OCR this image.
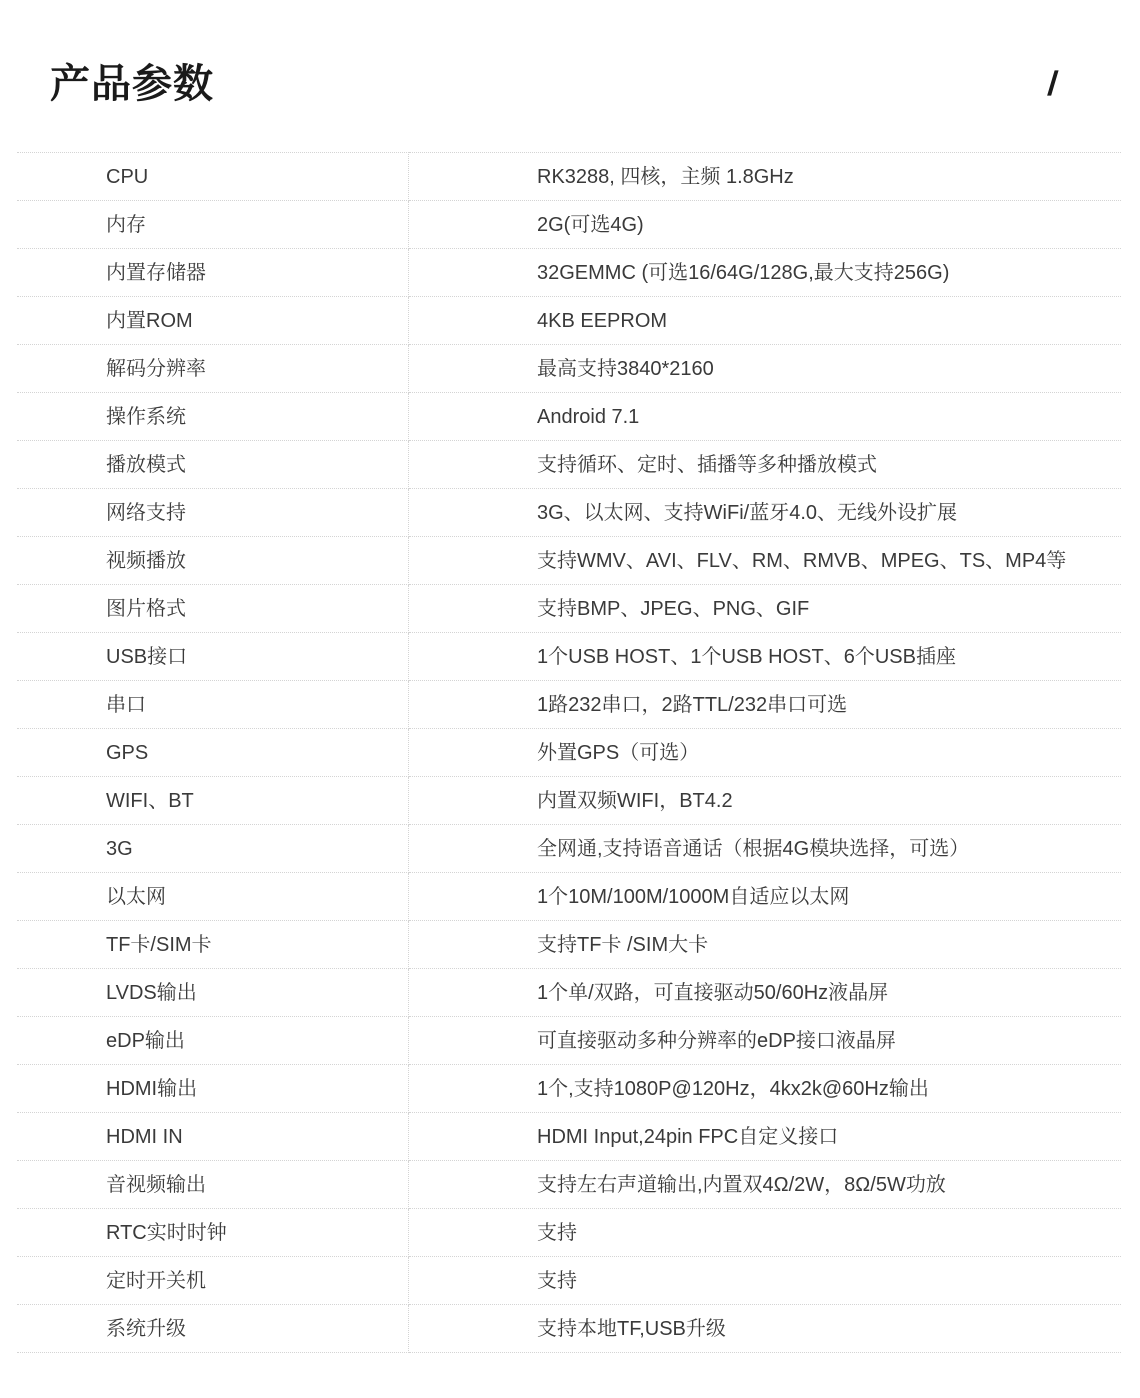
产品参数	/
CPU	RK3288, 四核，主频 1.8GHz
内存	2G(可选4G)
内置存储器	32GEMMC (可选16/64G/128G,最大支持256G)
内置ROM	4KB EEPROM
解码分辨率	最高支持3840*2160
操作系统	Android 7.1
播放模式	支持循环、定时、插播等多种播放模式
网络支持	3G、以太网、支持WiFi/蓝牙4.0、无线外设扩展
视频播放	支持WMV、AVI、FLV、RM、RMVB、MPEG、TS、MP4等
图片格式	支持BMP、JPEG、PNG、GIF
USB接口	1个USB HOST、1个USB HOST、6个USB插座
串口	1路232串口，2路TTL/232串口可选
GPS	外置GPS（可选）
WIFI、BT	内置双频WIFI，BT4.2
3G	全网通,支持语音通话（根据4G模块选择，可选）
以太网	1个10M/100M/1000M自适应以太网
TF卡/SIM卡	支持TF卡 /SIM大卡
LVDS输出	1个单/双路，可直接驱动50/60Hz液晶屏
eDP输出	可直接驱动多种分辨率的eDP接口液晶屏
HDMI输出	1个,支持1080P@120Hz，4kx2k@60Hz输出
HDMI IN	HDMI Input,24pin FPC自定义接口
音视频输出	支持左右声道输出,内置双4Ω/2W，8Ω/5W功放
RTC实时时钟	支持
定时开关机	支持
系统升级	支持本地TF,USB升级
